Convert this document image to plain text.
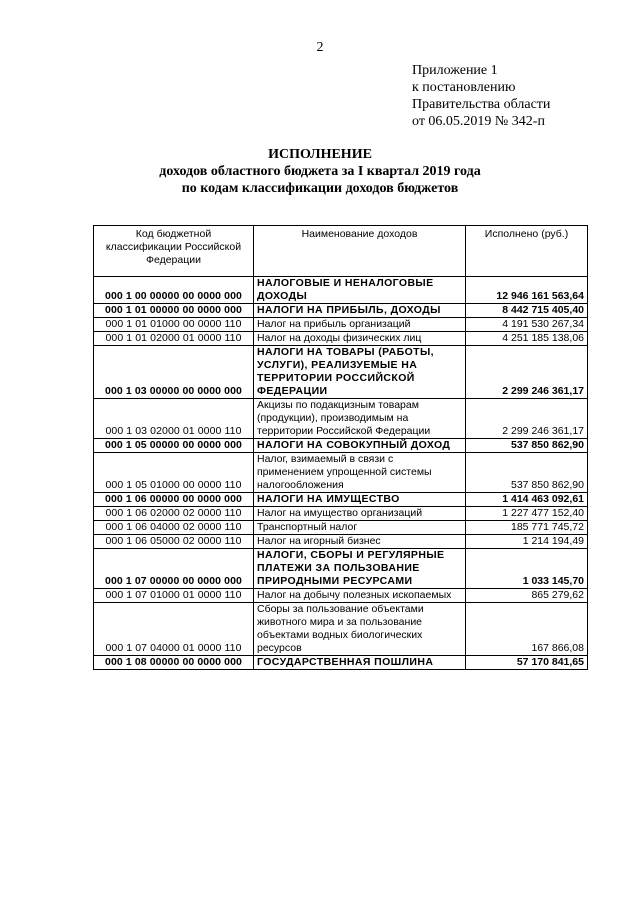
2
Приложение 1
к постановлению
Правительства области
от 06.05.2019 № 342-п
ИСПОЛНЕНИЕ
доходов областного бюджета за I квартал 2019 года
по кодам классификации доходов бюджетов
Код бюджетной классификации Российской Федерации	Наименование доходов	Исполнено (руб.)
000 1 00 00000 00 0000 000	НАЛОГОВЫЕ И НЕНАЛОГОВЫЕ ДОХОДЫ	12 946 161 563,64
000 1 01 00000 00 0000 000	НАЛОГИ НА ПРИБЫЛЬ, ДОХОДЫ	8 442 715 405,40
000 1 01 01000 00 0000 110	Налог на прибыль организаций	4 191 530 267,34
000 1 01 02000 01 0000 110	Налог на доходы физических лиц	4 251 185 138,06
000 1 03 00000 00 0000 000	НАЛОГИ НА ТОВАРЫ (РАБОТЫ, УСЛУГИ), РЕАЛИЗУЕМЫЕ НА ТЕРРИТОРИИ РОССИЙСКОЙ ФЕДЕРАЦИИ	2 299 246 361,17
000 1 03 02000 01 0000 110	Акцизы по подакцизным товарам (продукции), производимым на территории Российской Федерации	2 299 246 361,17
000 1 05 00000 00 0000 000	НАЛОГИ НА СОВОКУПНЫЙ ДОХОД	537 850 862,90
000 1 05 01000 00 0000 110	Налог, взимаемый в связи с применением упрощенной системы налогообложения	537 850 862,90
000 1 06 00000 00 0000 000	НАЛОГИ НА ИМУЩЕСТВО	1 414 463 092,61
000 1 06 02000 02 0000 110	Налог на имущество организаций	1 227 477 152,40
000 1 06 04000 02 0000 110	Транспортный налог	185 771 745,72
000 1 06 05000 02 0000 110	Налог на игорный бизнес	1 214 194,49
000 1 07 00000 00 0000 000	НАЛОГИ, СБОРЫ И РЕГУЛЯРНЫЕ ПЛАТЕЖИ ЗА ПОЛЬЗОВАНИЕ ПРИРОДНЫМИ РЕСУРСАМИ	1 033 145,70
000 1 07 01000 01 0000 110	Налог на добычу полезных ископаемых	865 279,62
000 1 07 04000 01 0000 110	Сборы за пользование объектами животного мира и за пользование объектами водных биологических ресурсов	167 866,08
000 1 08 00000 00 0000 000	ГОСУДАРСТВЕННАЯ ПОШЛИНА	57 170 841,65
